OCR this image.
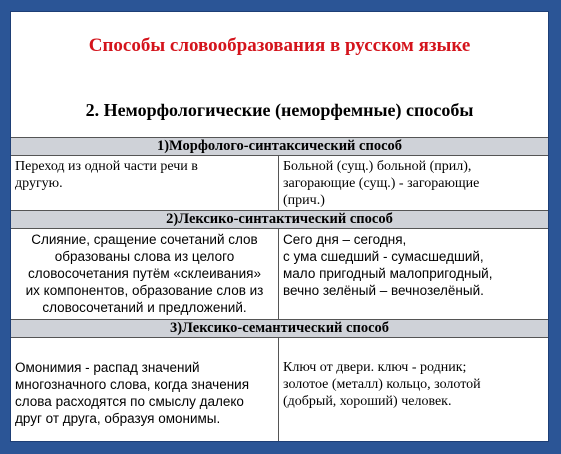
Способы словообразования в русском языке
2. Неморфологические (неморфемные) способы
1)Морфолого-синтаксический способ
Переход из одной части речи в
другую.
Больной (сущ.) больной (прил),
загорающие (сущ.) - загорающие
(прич.)
2)Лексико-синтактический способ
Слияние, сращение сочетаний слов
образованы слова из целого
словосочетания путём «склеивания»
их компонентов, образование слов из
словосочетаний и предложений.
Сего дня – сегодня,
с ума сшедший - сумасшедший,
мало пригодный малопригодный,
вечно зелёный – вечнозелёный.
3)Лексико-семантический способ
Омонимия - распад значений
многозначного слова, когда значения
слова расходятся по смыслу далеко
друг от друга, образуя омонимы.
Ключ от двери. ключ - родник;
золотое (металл) кольцо, золотой
(добрый, хороший) человек.
